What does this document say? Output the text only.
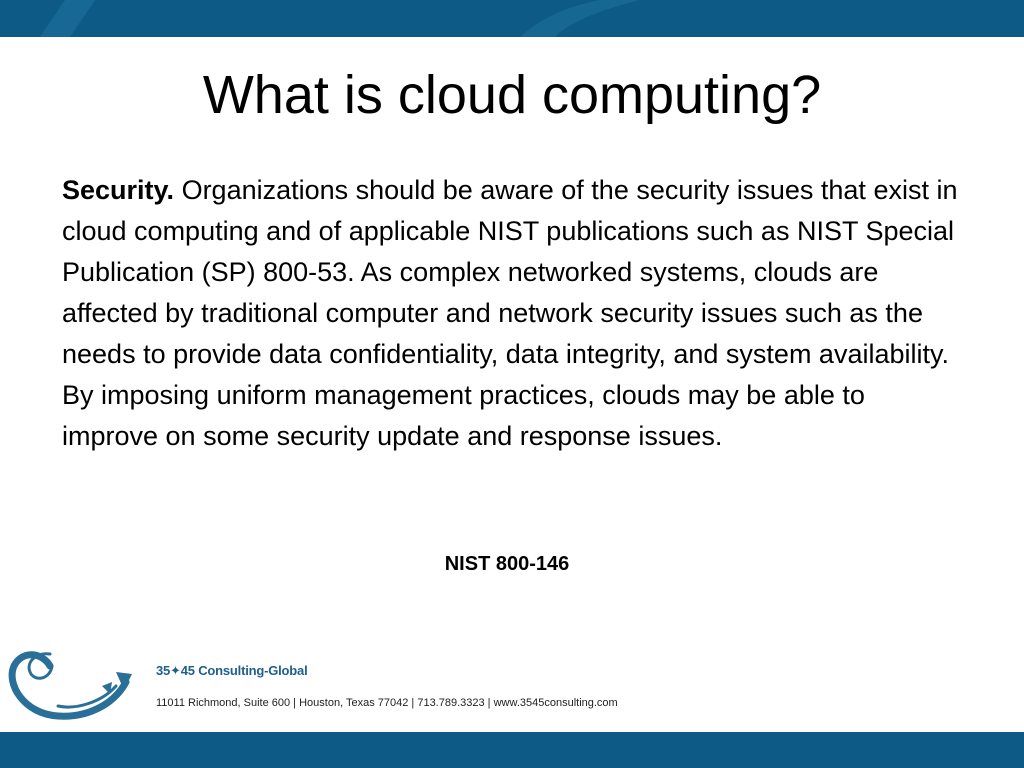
What is cloud computing?

Security. Organizations should be aware of the security issues that exist in cloud computing and of applicable NIST publications such as NIST Special Publication (SP) 800-53. As complex networked systems, clouds are affected by traditional computer and network security issues such as the needs to provide data confidentiality, data integrity, and system availability. By imposing uniform management practices, clouds may be able to improve on some security update and response issues.

NIST 800-146

35✦45 Consulting-Global
11011 Richmond, Suite 600 | Houston, Texas 77042 | 713.789.3323 | www.3545consulting.com
